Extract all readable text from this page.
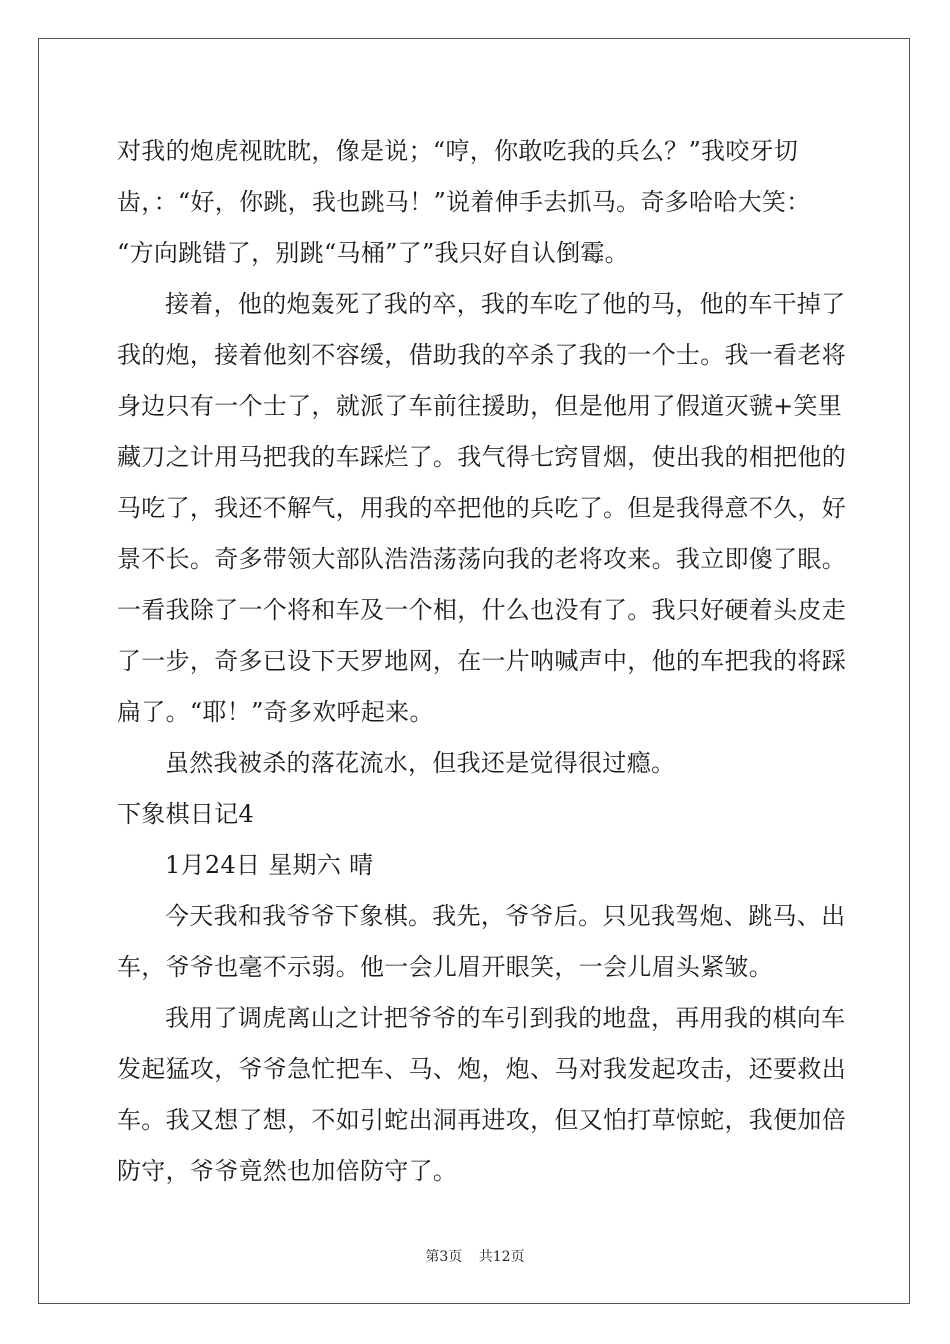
对我的炮虎视眈眈，像是说；“哼，你敢吃我的兵么？”我咬牙切
齿，：“好，你跳，我也跳马！”说着伸手去抓马。奇多哈哈大笑：
“方向跳错了，别跳“马桶”了”我只好自认倒霉。
接着，他的炮轰死了我的卒，我的车吃了他的马，他的车干掉了
我的炮，接着他刻不容缓，借助我的卒杀了我的一个士。我一看老将
身边只有一个士了，就派了车前往援助，但是他用了假道灭虢+笑里
藏刀之计用马把我的车踩烂了。我气得七窍冒烟，使出我的相把他的
马吃了，我还不解气，用我的卒把他的兵吃了。但是我得意不久，好
景不长。奇多带领大部队浩浩荡荡向我的老将攻来。我立即傻了眼。
一看我除了一个将和车及一个相，什么也没有了。我只好硬着头皮走
了一步，奇多已设下天罗地网，在一片呐喊声中，他的车把我的将踩
扁了。“耶！”奇多欢呼起来。
虽然我被杀的落花流水，但我还是觉得很过瘾。
下象棋日记4
1月24日 星期六 晴
今天我和我爷爷下象棋。我先，爷爷后。只见我驾炮、跳马、出
车，爷爷也毫不示弱。他一会儿眉开眼笑，一会儿眉头紧皱。
我用了调虎离山之计把爷爷的车引到我的地盘，再用我的棋向车
发起猛攻，爷爷急忙把车、马、炮，炮、马对我发起攻击，还要救出
车。我又想了想，不如引蛇出洞再进攻，但又怕打草惊蛇，我便加倍
防守，爷爷竟然也加倍防守了。
第3页 共12页
